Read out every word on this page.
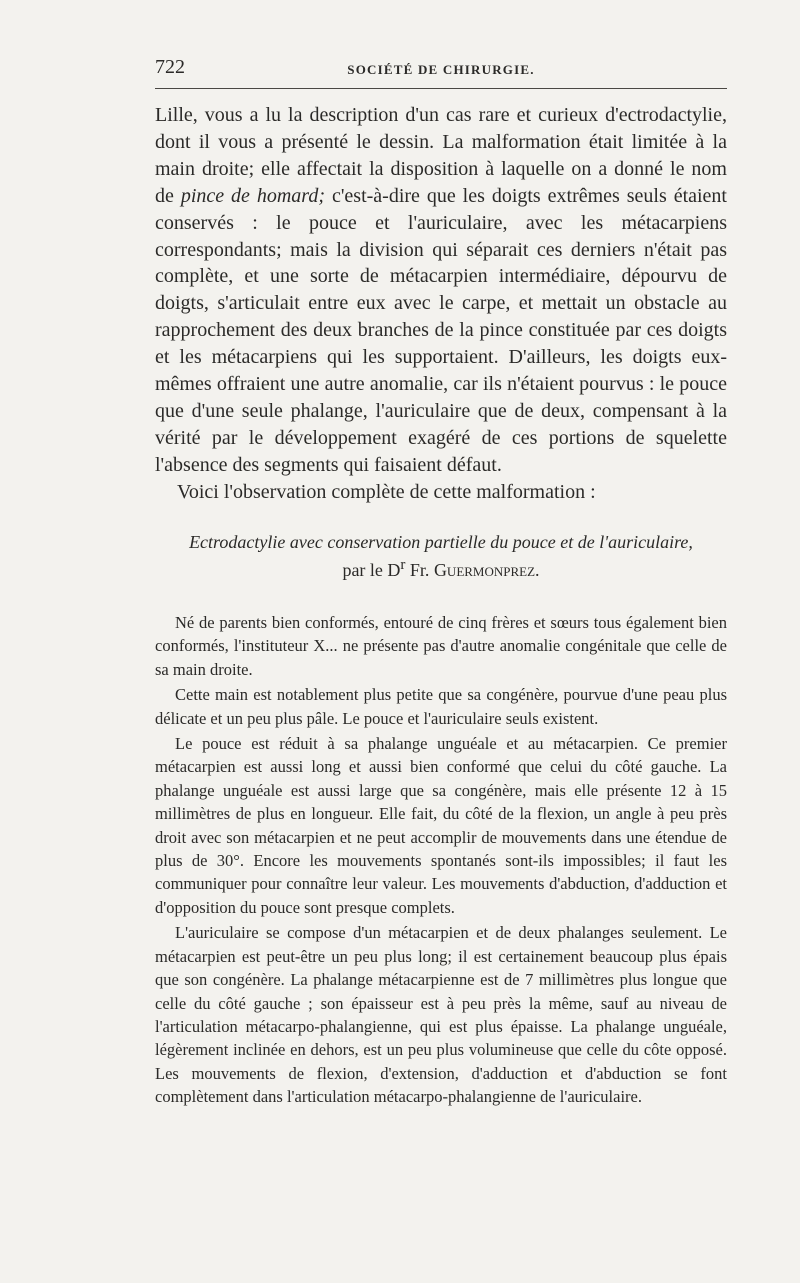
722	SOCIÉTÉ DE CHIRURGIE.

Lille, vous a lu la description d'un cas rare et curieux d'ectrodactylie, dont il vous a présenté le dessin. La malformation était limitée à la main droite; elle affectait la disposition à laquelle on a donné le nom de pince de homard; c'est-à-dire que les doigts extrêmes seuls étaient conservés : le pouce et l'auriculaire, avec les métacarpiens correspondants; mais la division qui séparait ces derniers n'était pas complète, et une sorte de métacarpien intermédiaire, dépourvu de doigts, s'articulait entre eux avec le carpe, et mettait un obstacle au rapprochement des deux branches de la pince constituée par ces doigts et les métacarpiens qui les supportaient. D'ailleurs, les doigts eux-mêmes offraient une autre anomalie, car ils n'étaient pourvus : le pouce que d'une seule phalange, l'auriculaire que de deux, compensant à la vérité par le développement exagéré de ces portions de squelette l'absence des segments qui faisaient défaut.

Voici l'observation complète de cette malformation :

Ectrodactylie avec conservation partielle du pouce et de l'auriculaire,
par le $D^r$ Fr. Guermonprez.

Né de parents bien conformés, entouré de cinq frères et sœurs tous également bien conformés, l'instituteur X... ne présente pas d'autre anomalie congénitale que celle de sa main droite.

Cette main est notablement plus petite que sa congénère, pourvue d'une peau plus délicate et un peu plus pâle. Le pouce et l'auriculaire seuls existent.

Le pouce est réduit à sa phalange unguéale et au métacarpien. Ce premier métacarpien est aussi long et aussi bien conformé que celui du côté gauche. La phalange unguéale est aussi large que sa congénère, mais elle présente 12 à 15 millimètres de plus en longueur. Elle fait, du côté de la flexion, un angle à peu près droit avec son métacarpien et ne peut accomplir de mouvements dans une étendue de plus de 30°. Encore les mouvements spontanés sont-ils impossibles; il faut les communiquer pour connaître leur valeur. Les mouvements d'abduction, d'adduction et d'opposition du pouce sont presque complets.

L'auriculaire se compose d'un métacarpien et de deux phalanges seulement. Le métacarpien est peut-être un peu plus long; il est certainement beaucoup plus épais que son congénère. La phalange métacarpienne est de 7 millimètres plus longue que celle du côté gauche ; son épaisseur est à peu près la même, sauf au niveau de l'articulation métacarpo-phalangienne, qui est plus épaisse. La phalange unguéale, légèrement inclinée en dehors, est un peu plus volumineuse que celle du côte opposé. Les mouvements de flexion, d'extension, d'adduction et d'abduction se font complètement dans l'articulation métacarpo-phalangienne de l'auriculaire.
